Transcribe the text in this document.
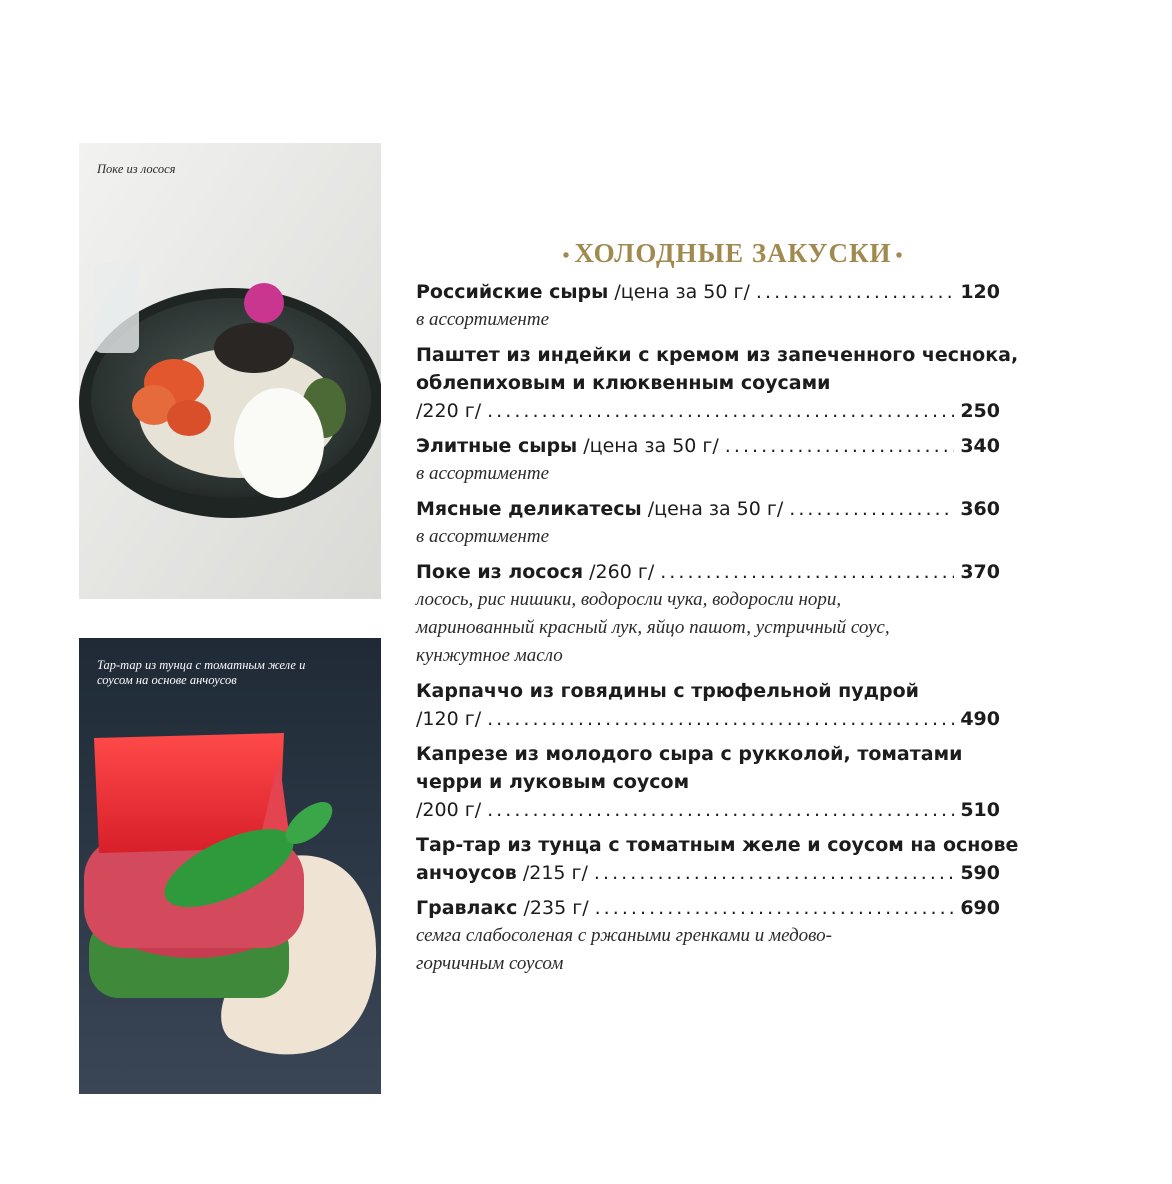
Поке из лосося
Тар-тар из тунца с томатным желе и соусом на основе анчоусов
• ХОЛОДНЫЕ ЗАКУСКИ •
Российские сыры /цена за 50 г/ . . .	120
в ассортименте
Паштет из индейки с кремом из запеченного чеснока,
облепиховым и клюквенным соусами
/220 г/ . . .	250
Элитные сыры /цена за 50 г/ . . .	340
в ассортименте
Мясные деликатесы /цена за 50 г/ . . .	360
в ассортименте
Поке из лосося /260 г/ . . .	370
лосось, рис нишики, водоросли чука, водоросли нори,
маринованный красный лук, яйцо пашот, устричный соус,
кунжутное масло
Карпаччо из говядины с трюфельной пудрой
/120 г/ . . .	490
Капрезе из молодого сыра с рукколой, томатами
черри и луковым соусом
/200 г/ . . .	510
Тар-тар из тунца с томатным желе и соусом на основе
анчоусов /215 г/ . . .	590
Гравлакс /235 г/ . . .	690
семга слабосоленая с ржаными гренками и медово-
горчичным соусом
